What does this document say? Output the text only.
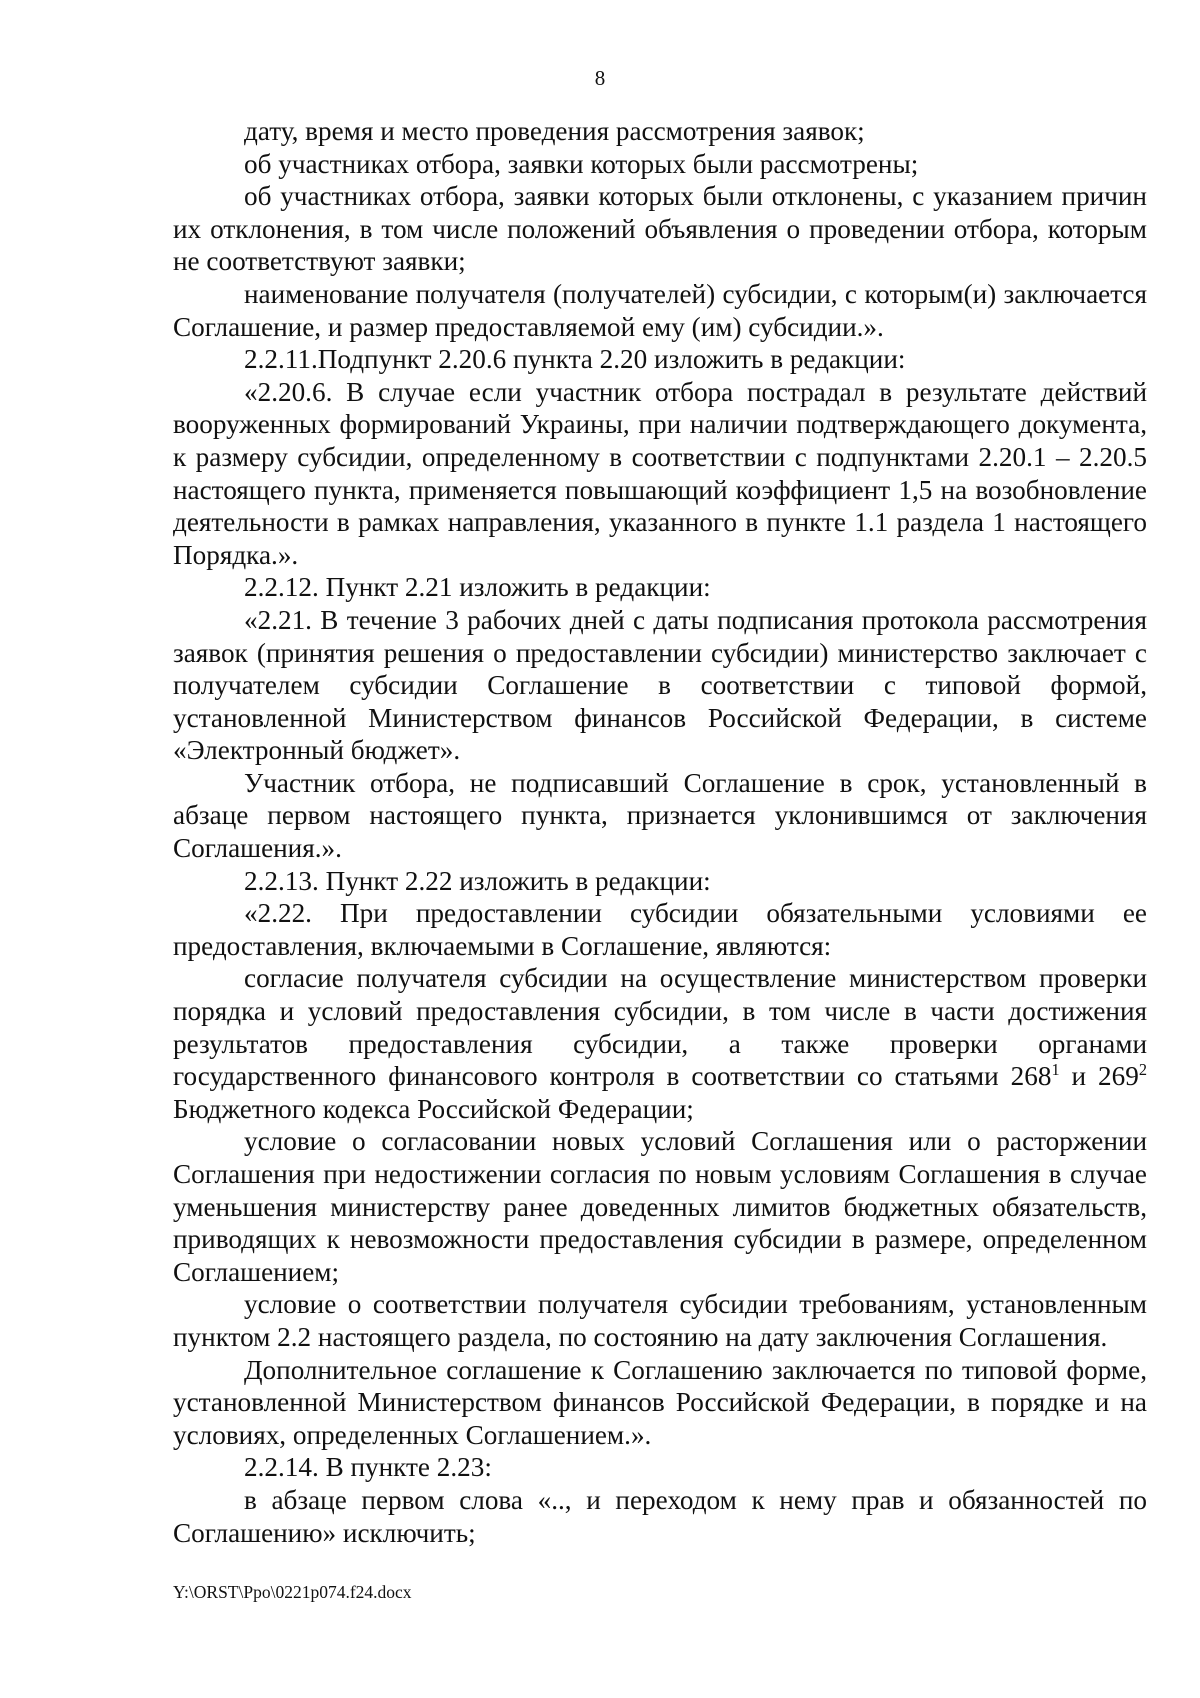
8

дату, время и место проведения рассмотрения заявок;

об участниках отбора, заявки которых были рассмотрены;

об участниках отбора, заявки которых были отклонены, с указанием причин их отклонения, в том числе положений объявления о проведении отбора, которым не соответствуют заявки;

наименование получателя (получателей) субсидии, с которым(и) заключается Соглашение, и размер предоставляемой ему (им) субсидии.».

2.2.11.Подпункт 2.20.6 пункта 2.20 изложить в редакции:

«2.20.6. В случае если участник отбора пострадал в результате действий вооруженных формирований Украины, при наличии подтверждающего документа, к размеру субсидии, определенному в соответствии с подпунктами 2.20.1 – 2.20.5 настоящего пункта, применяется повышающий коэффициент 1,5 на возобновление деятельности в рамках направления, указанного в пункте 1.1 раздела 1 настоящего Порядка.».

2.2.12. Пункт 2.21 изложить в редакции:

«2.21. В течение 3 рабочих дней с даты подписания протокола рассмотрения заявок (принятия решения о предоставлении субсидии) министерство заключает с получателем субсидии Соглашение в соответствии с типовой формой, установленной Министерством финансов Российской Федерации, в системе «Электронный бюджет».

Участник отбора, не подписавший Соглашение в срок, установленный в абзаце первом настоящего пункта, признается уклонившимся от заключения Соглашения.».

2.2.13. Пункт 2.22 изложить в редакции:

«2.22. При предоставлении субсидии обязательными условиями ее предоставления, включаемыми в Соглашение, являются:

согласие получателя субсидии на осуществление министерством проверки порядка и условий предоставления субсидии, в том числе в части достижения результатов предоставления субсидии, а также проверки органами государственного финансового контроля в соответствии со статьями $268^1$ и $269^2$ Бюджетного кодекса Российской Федерации;

условие о согласовании новых условий Соглашения или о расторжении Соглашения при недостижении согласия по новым условиям Соглашения в случае уменьшения министерству ранее доведенных лимитов бюджетных обязательств, приводящих к невозможности предоставления субсидии в размере, определенном Соглашением;

условие о соответствии получателя субсидии требованиям, установленным пунктом 2.2 настоящего раздела, по состоянию на дату заключения Соглашения.

Дополнительное соглашение к Соглашению заключается по типовой форме, установленной Министерством финансов Российской Федерации, в порядке и на условиях, определенных Соглашением.».

2.2.14. В пункте 2.23:

в абзаце первом слова «.., и переходом к нему прав и обязанностей по Соглашению» исключить;

Y:\ORST\Ppo\0221p074.f24.docx
